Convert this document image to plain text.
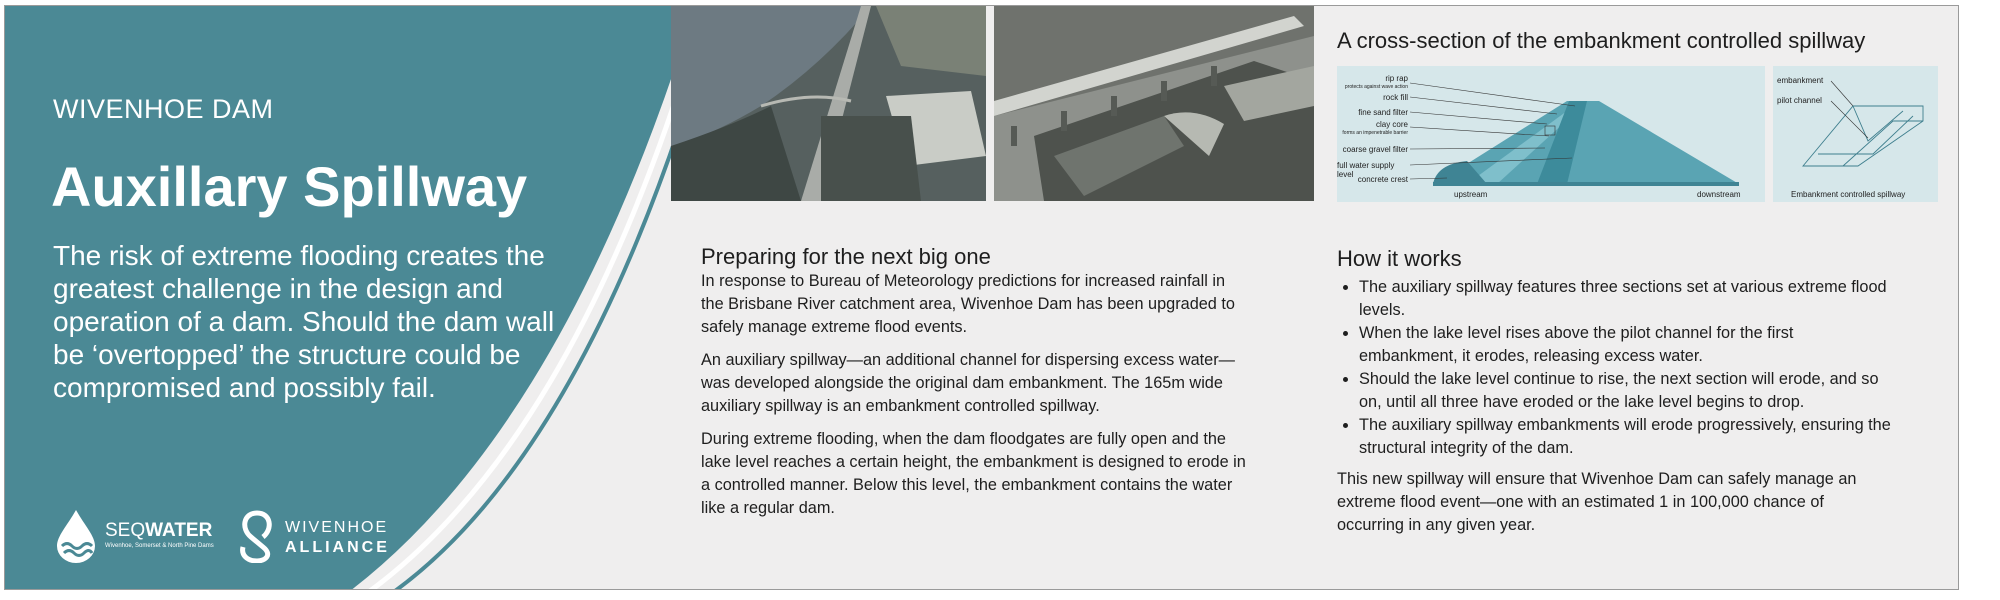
WIVENHOE DAM
Auxillary Spillway
The risk of extreme flooding creates the greatest challenge in the design and operation of a dam. Should the dam wall be ‘overtopped’ the structure could be compromised and possibly fail.
SEQWATER
Wivenhoe, Somerset & North Pine Dams
WIVENHOE
ALLIANCE
A cross-section of the embankment controlled spillway
rip rap
protects against wave action
rock fill
fine sand filter
clay core
forms an impenetrable barrier
coarse gravel filter
full water supply level
concrete crest
upstream	downstream
embankment
pilot channel
Embankment controlled spillway
Preparing for the next big one

In response to Bureau of Meteorology predictions for increased rainfall in the Brisbane River catchment area, Wivenhoe Dam has been upgraded to safely manage extreme flood events.

An auxiliary spillway—an additional channel for dispersing excess water—was developed alongside the original dam embankment. The 165m wide auxiliary spillway is an embankment controlled spillway.

During extreme flooding, when the dam floodgates are fully open and the lake level reaches a certain height, the embankment is designed to erode in a controlled manner. Below this level, the embankment contains the water like a regular dam.

How it works
• The auxiliary spillway features three sections set at various extreme flood levels.
• When the lake level rises above the pilot channel for the first embankment, it erodes, releasing excess water.
• Should the lake level continue to rise, the next section will erode, and so on, until all three have eroded or the lake level begins to drop.
• The auxiliary spillway embankments will erode progressively, ensuring the structural integrity of the dam.

This new spillway will ensure that Wivenhoe Dam can safely manage an extreme flood event—one with an estimated 1 in 100,000 chance of occurring in any given year.
